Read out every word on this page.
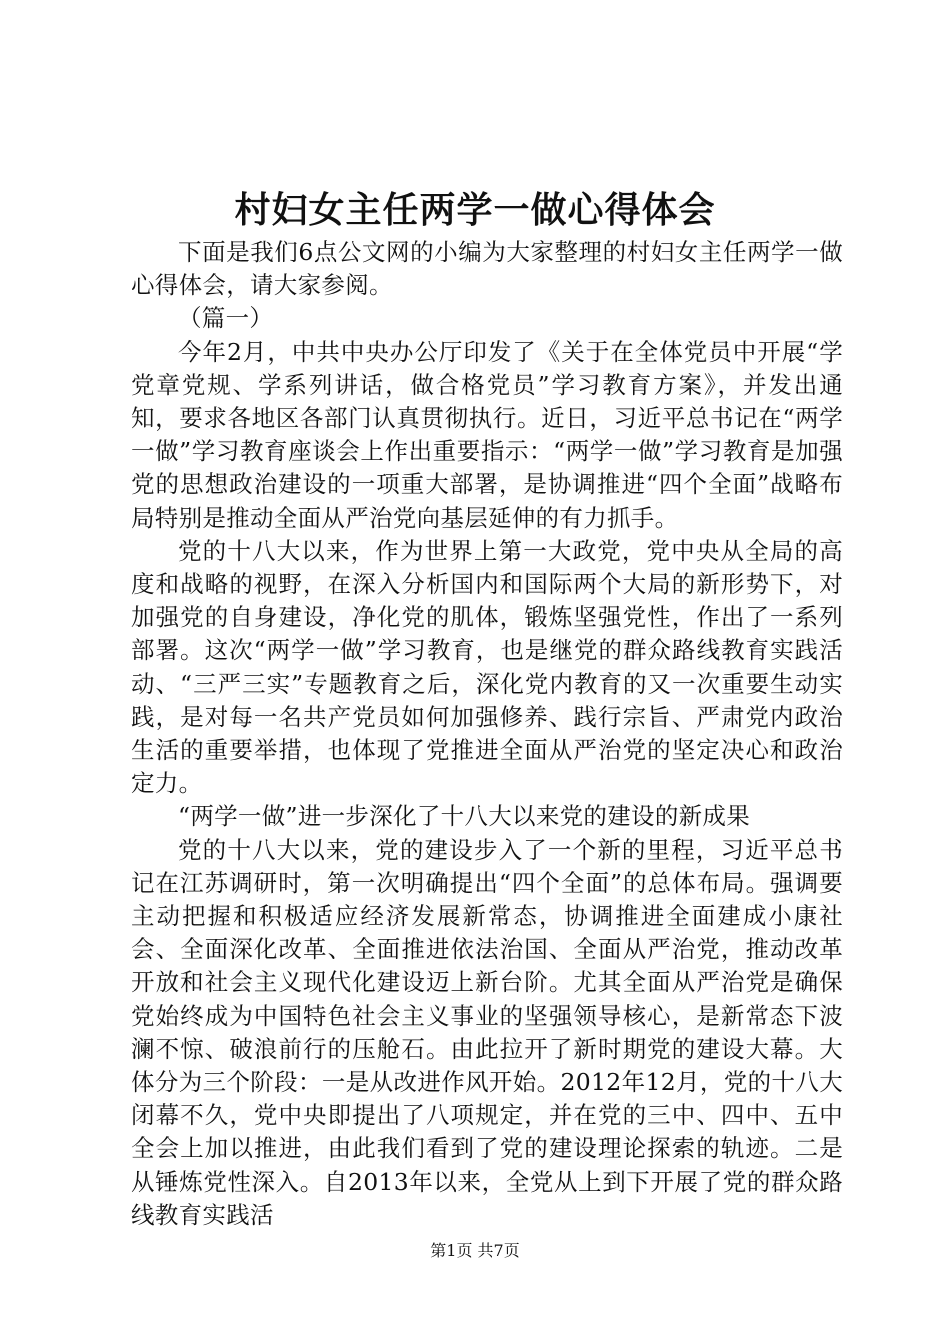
村妇女主任两学一做心得体会

下面是我们6点公文网的小编为大家整理的村妇女主任两学一做心得体会，请大家参阅。

（篇一）

今年2月，中共中央办公厅印发了《关于在全体党员中开展“学党章党规、学系列讲话，做合格党员”学习教育方案》，并发出通知，要求各地区各部门认真贯彻执行。近日，习近平总书记在“两学一做”学习教育座谈会上作出重要指示：“两学一做”学习教育是加强党的思想政治建设的一项重大部署，是协调推进“四个全面”战略布局特别是推动全面从严治党向基层延伸的有力抓手。

党的十八大以来，作为世界上第一大政党，党中央从全局的高度和战略的视野，在深入分析国内和国际两个大局的新形势下，对加强党的自身建设，净化党的肌体，锻炼坚强党性，作出了一系列部署。这次“两学一做”学习教育，也是继党的群众路线教育实践活动、“三严三实”专题教育之后，深化党内教育的又一次重要生动实践，是对每一名共产党员如何加强修养、践行宗旨、严肃党内政治生活的重要举措，也体现了党推进全面从严治党的坚定决心和政治定力。

“两学一做”进一步深化了十八大以来党的建设的新成果

党的十八大以来，党的建设步入了一个新的里程，习近平总书记在江苏调研时，第一次明确提出“四个全面”的总体布局。强调要主动把握和积极适应经济发展新常态，协调推进全面建成小康社会、全面深化改革、全面推进依法治国、全面从严治党，推动改革开放和社会主义现代化建设迈上新台阶。尤其全面从严治党是确保党始终成为中国特色社会主义事业的坚强领导核心，是新常态下波澜不惊、破浪前行的压舱石。由此拉开了新时期党的建设大幕。大体分为三个阶段：一是从改进作风开始。2012年12月，党的十八大闭幕不久，党中央即提出了八项规定，并在党的三中、四中、五中全会上加以推进，由此我们看到了党的建设理论探索的轨迹。二是从锤炼党性深入。自2013年以来，全党从上到下开展了党的群众路线教育实践活

第1页 共7页
